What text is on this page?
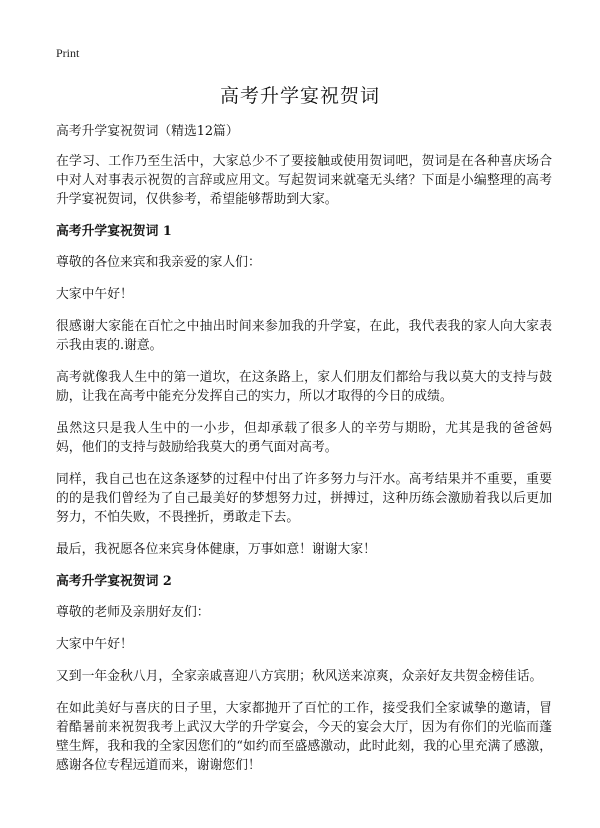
Print
高考升学宴祝贺词

高考升学宴祝贺词（精选12篇）

在学习、工作乃至生活中，大家总少不了要接触或使用贺词吧，贺词是在各种喜庆场合中对人对事表示祝贺的言辞或应用文。写起贺词来就毫无头绪？下面是小编整理的高考升学宴祝贺词，仅供参考，希望能够帮助到大家。

高考升学宴祝贺词 1

尊敬的各位来宾和我亲爱的家人们：

大家中午好！

很感谢大家能在百忙之中抽出时间来参加我的升学宴，在此，我代表我的家人向大家表示我由衷的.谢意。

高考就像我人生中的第一道坎，在这条路上，家人们朋友们都给与我以莫大的支持与鼓励，让我在高考中能充分发挥自己的实力，所以才取得的今日的成绩。

虽然这只是我人生中的一小步，但却承载了很多人的辛劳与期盼，尤其是我的爸爸妈妈，他们的支持与鼓励给我莫大的勇气面对高考。

同样，我自己也在这条逐梦的过程中付出了许多努力与汗水。高考结果并不重要，重要的的是我们曾经为了自己最美好的梦想努力过，拼搏过，这种历练会激励着我以后更加努力，不怕失败，不畏挫折，勇敢走下去。

最后，我祝愿各位来宾身体健康，万事如意！谢谢大家！

高考升学宴祝贺词 2

尊敬的老师及亲朋好友们：

大家中午好！

又到一年金秋八月，全家亲戚喜迎八方宾朋；秋风送来凉爽，众亲好友共贺金榜佳话。

在如此美好与喜庆的日子里，大家都抛开了百忙的工作，接受我们全家诚挚的邀请，冒着酷暑前来祝贺我考上武汉大学的升学宴会，今天的宴会大厅，因为有你们的光临而蓬壁生辉，我和我的全家因您们的“如约而至盛感激动，此时此刻，我的心里充满了感激，感谢各位专程远道而来，谢谢您们！
